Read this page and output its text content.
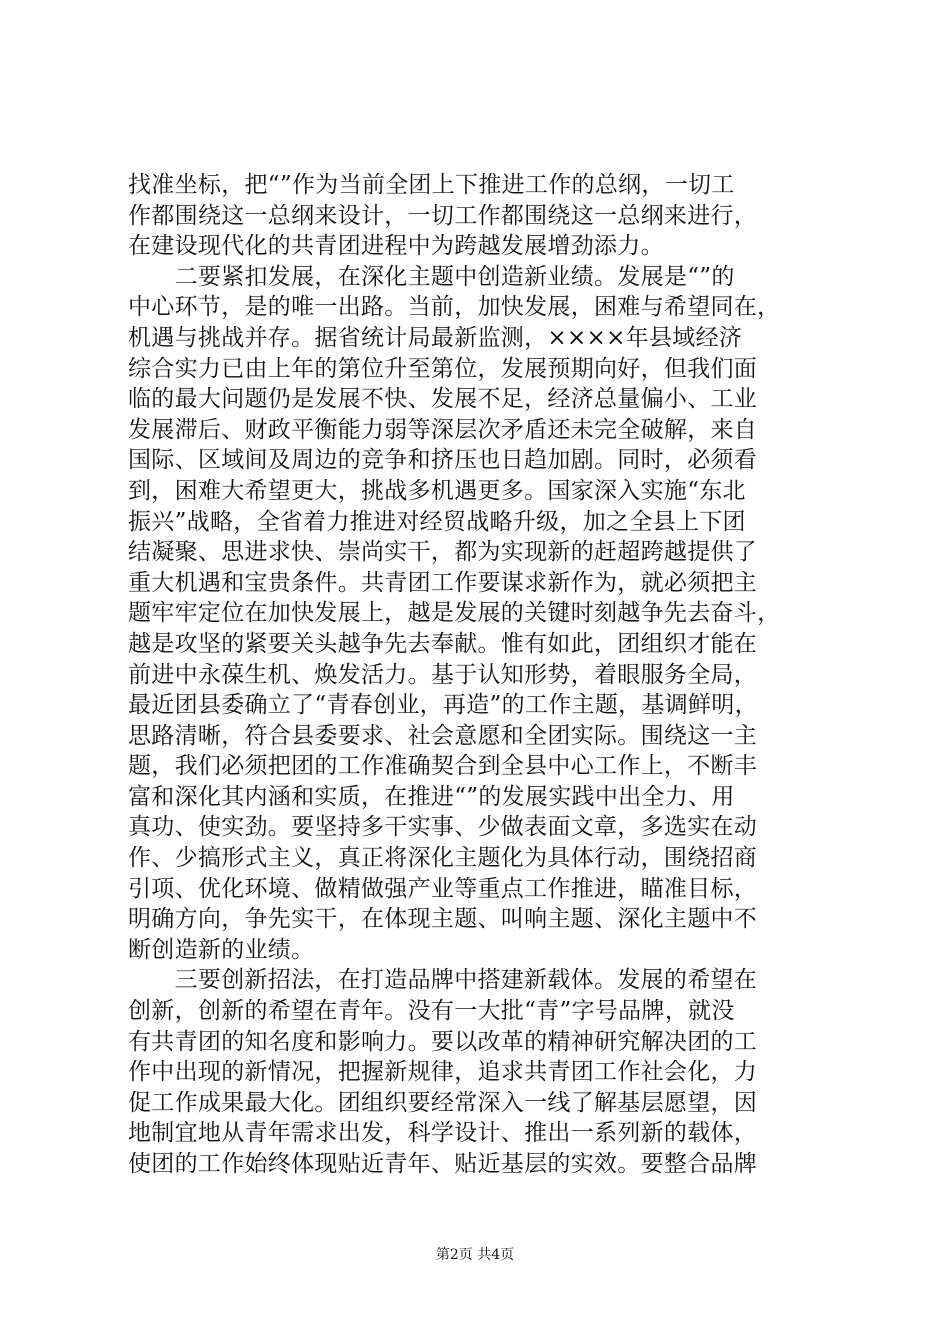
找准坐标，把“”作为当前全团上下推进工作的总纲，一切工
作都围绕这一总纲来设计，一切工作都围绕这一总纲来进行，
在建设现代化的共青团进程中为跨越发展增劲添力。
　　二要紧扣发展，在深化主题中创造新业绩。发展是“”的
中心环节，是的唯一出路。当前，加快发展，困难与希望同在，
机遇与挑战并存。据省统计局最新监测，××××年县域经济
综合实力已由上年的第位升至第位，发展预期向好，但我们面
临的最大问题仍是发展不快、发展不足，经济总量偏小、工业
发展滞后、财政平衡能力弱等深层次矛盾还未完全破解，来自
国际、区域间及周边的竞争和挤压也日趋加剧。同时，必须看
到，困难大希望更大，挑战多机遇更多。国家深入实施“东北
振兴”战略，全省着力推进对经贸战略升级，加之全县上下团
结凝聚、思进求快、崇尚实干，都为实现新的赶超跨越提供了
重大机遇和宝贵条件。共青团工作要谋求新作为，就必须把主
题牢牢定位在加快发展上，越是发展的关键时刻越争先去奋斗，
越是攻坚的紧要关头越争先去奉献。惟有如此，团组织才能在
前进中永葆生机、焕发活力。基于认知形势，着眼服务全局，
最近团县委确立了“青春创业，再造”的工作主题，基调鲜明，
思路清晰，符合县委要求、社会意愿和全团实际。围绕这一主
题，我们必须把团的工作准确契合到全县中心工作上，不断丰
富和深化其内涵和实质，在推进“”的发展实践中出全力、用
真功、使实劲。要坚持多干实事、少做表面文章，多选实在动
作、少搞形式主义，真正将深化主题化为具体行动，围绕招商
引项、优化环境、做精做强产业等重点工作推进，瞄准目标，
明确方向，争先实干，在体现主题、叫响主题、深化主题中不
断创造新的业绩。
　　三要创新招法，在打造品牌中搭建新载体。发展的希望在
创新，创新的希望在青年。没有一大批“青”字号品牌，就没
有共青团的知名度和影响力。要以改革的精神研究解决团的工
作中出现的新情况，把握新规律，追求共青团工作社会化，力
促工作成果最大化。团组织要经常深入一线了解基层愿望，因
地制宜地从青年需求出发，科学设计、推出一系列新的载体，
使团的工作始终体现贴近青年、贴近基层的实效。要整合品牌
第2页 共4页
